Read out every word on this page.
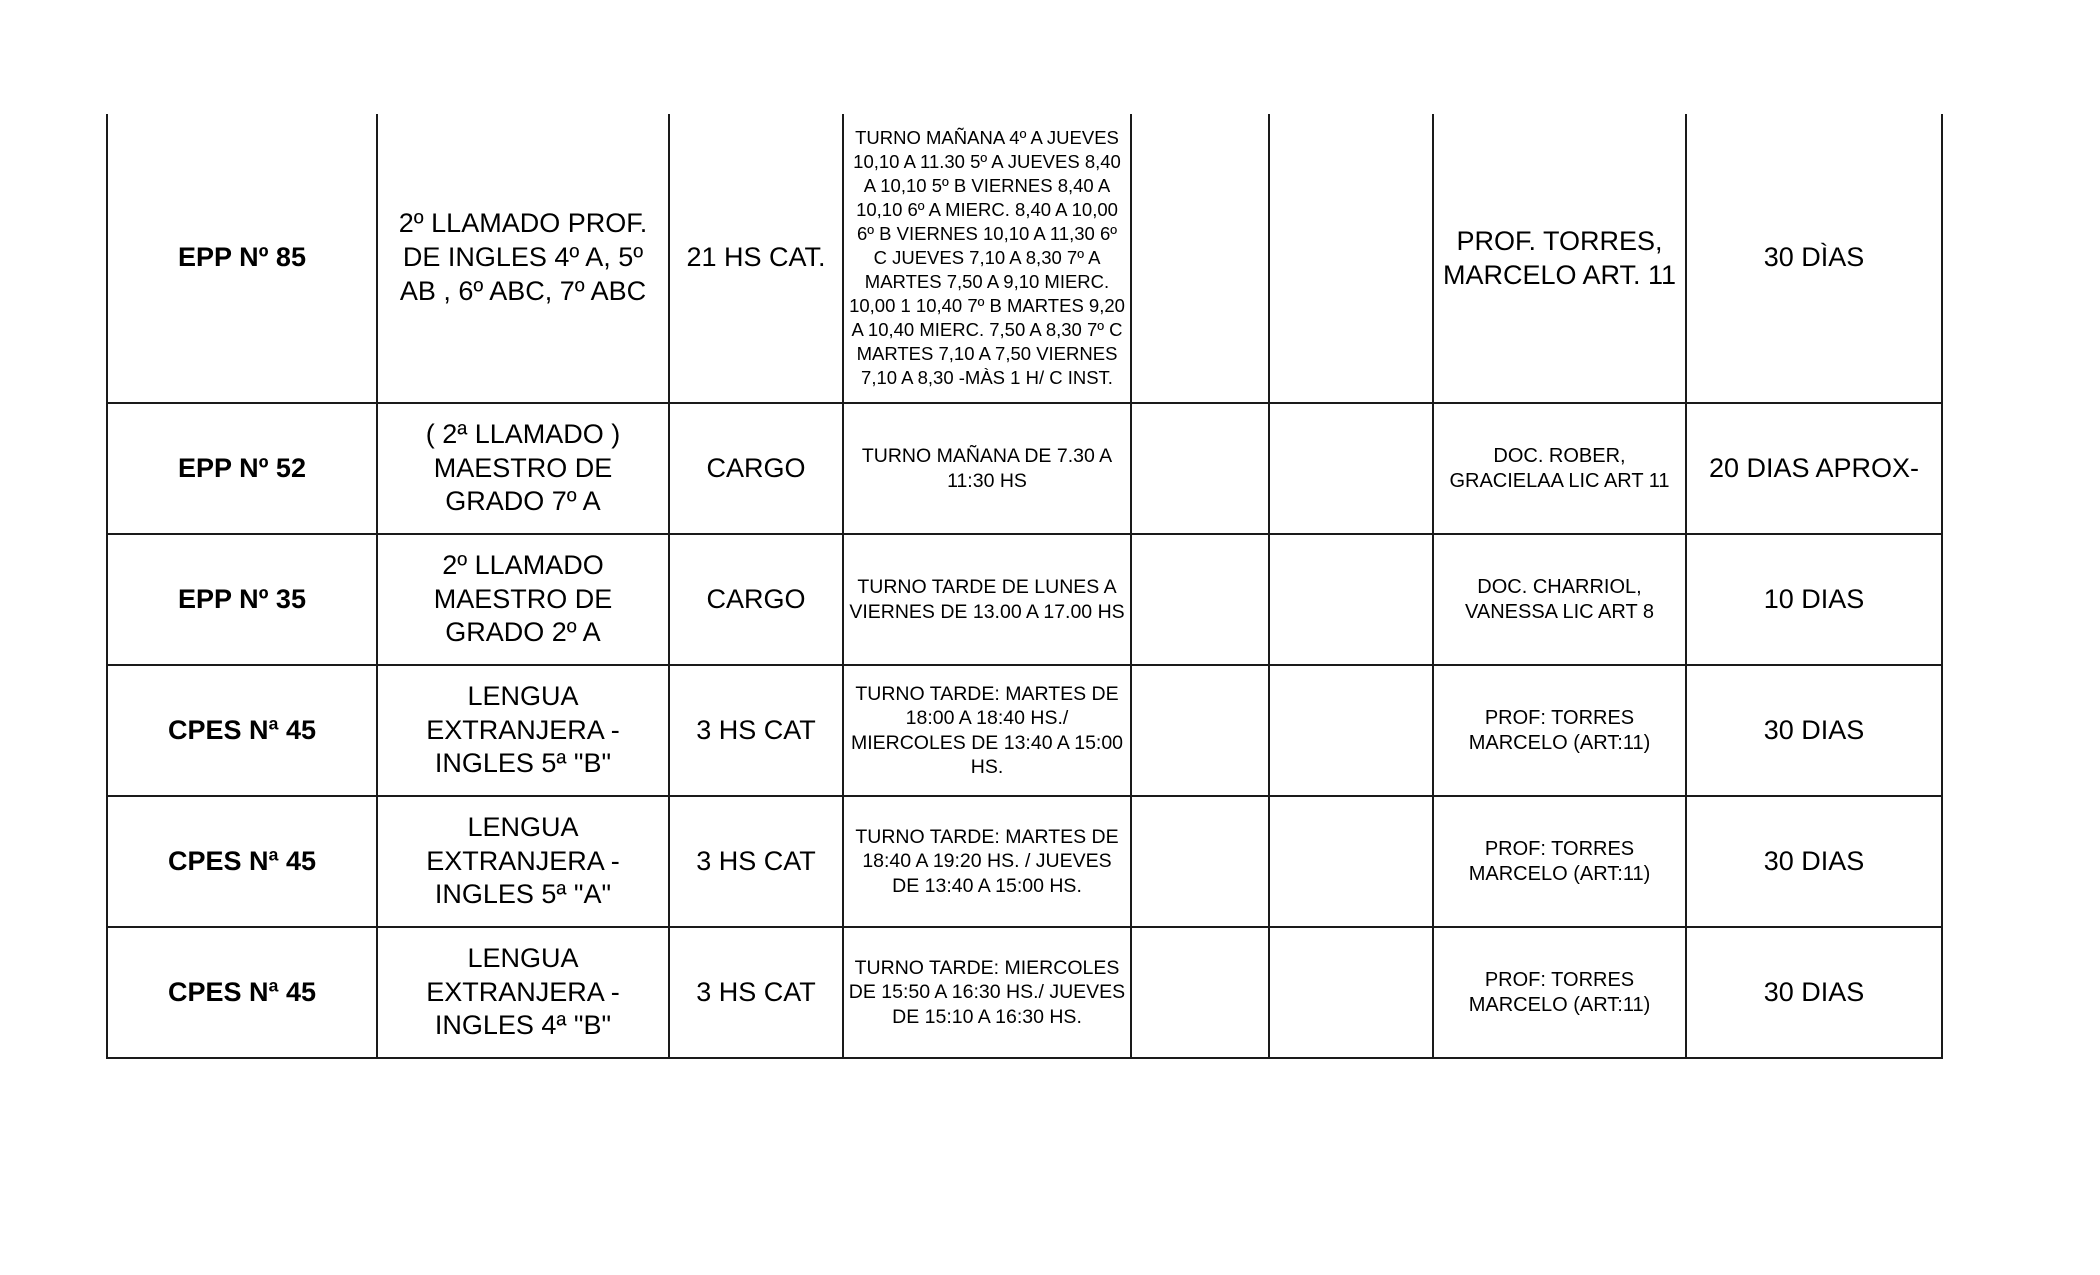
EPP Nº 85	2º LLAMADO PROF. DE INGLES 4º A, 5º AB , 6º ABC, 7º ABC	21 HS CAT.	TURNO MAÑANA 4º A JUEVES 10,10 A 11.30 5º A JUEVES 8,40 A 10,10 5º B VIERNES 8,40 A 10,10 6º A MIERC. 8,40 A 10,00 6º B VIERNES 10,10 A 11,30 6º C JUEVES 7,10 A 8,30 7º A MARTES 7,50 A 9,10 MIERC. 10,00 1 10,40 7º B MARTES 9,20 A 10,40 MIERC. 7,50 A 8,30 7º C MARTES 7,10 A 7,50 VIERNES 7,10 A 8,30 -MÀS 1 H/ C INST.			PROF. TORRES, MARCELO ART. 11	30 DÌAS
EPP Nº 52	( 2ª LLAMADO ) MAESTRO DE GRADO 7º A	CARGO	TURNO MAÑANA DE 7.30 A 11:30 HS			DOC. ROBER, GRACIELAA LIC ART 11	20 DIAS APROX-
EPP Nº 35	2º LLAMADO MAESTRO DE GRADO 2º A	CARGO	TURNO TARDE DE LUNES A VIERNES DE 13.00 A 17.00 HS			DOC. CHARRIOL, VANESSA LIC ART 8	10 DIAS
CPES Nª 45	LENGUA EXTRANJERA - INGLES 5ª "B"	3 HS CAT	TURNO TARDE: MARTES DE 18:00 A 18:40 HS./ MIERCOLES DE 13:40 A 15:00 HS.			PROF: TORRES MARCELO (ART:11)	30 DIAS
CPES Nª 45	LENGUA EXTRANJERA - INGLES 5ª "A"	3 HS CAT	TURNO TARDE: MARTES DE 18:40 A 19:20 HS. / JUEVES DE 13:40 A 15:00 HS.			PROF: TORRES MARCELO (ART:11)	30 DIAS
CPES Nª 45	LENGUA EXTRANJERA - INGLES 4ª "B"	3 HS CAT	TURNO TARDE: MIERCOLES DE 15:50 A 16:30 HS./ JUEVES DE 15:10 A 16:30 HS.			PROF: TORRES MARCELO (ART:11)	30 DIAS
